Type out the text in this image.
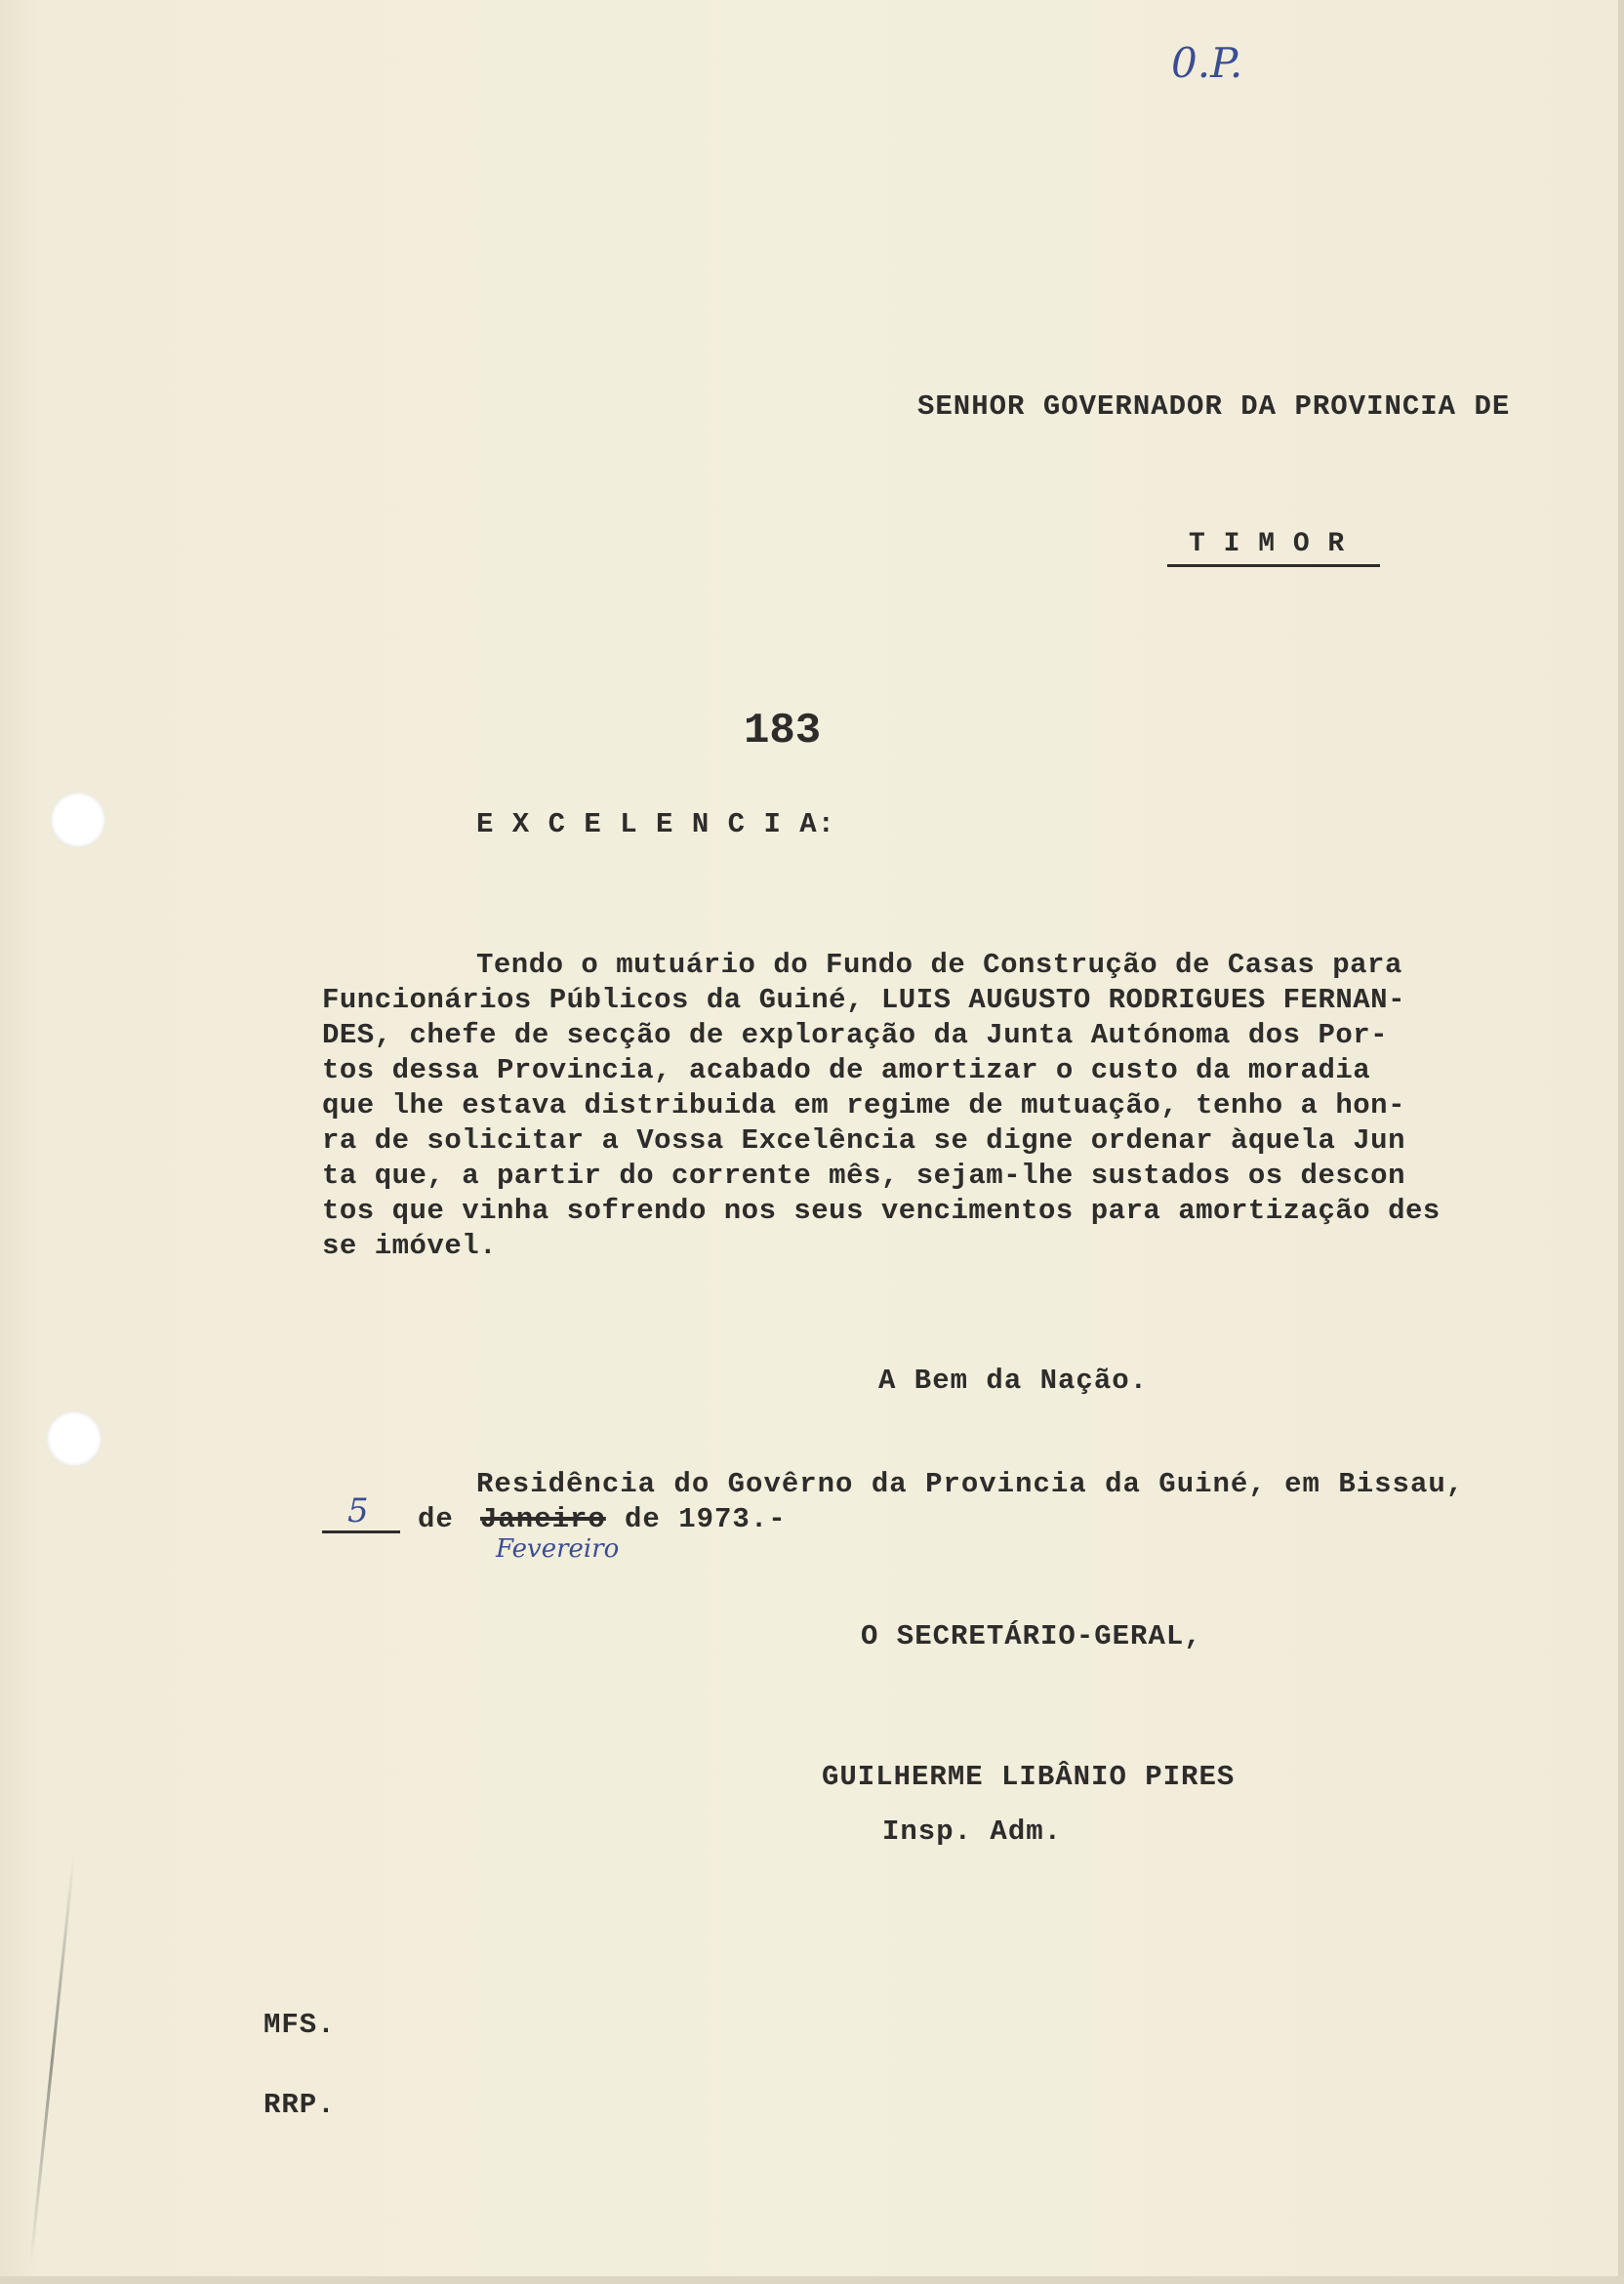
0.P.
SENHOR GOVERNADOR DA PROVINCIA DE
T I M O R
183
E X C E L E N C I A:
Tendo o mutuário do Fundo de Construção de Casas para
Funcionários Públicos da Guiné, LUIS AUGUSTO RODRIGUES FERNAN-
DES, chefe de secção de exploração da Junta Autónoma dos Por-
tos dessa Provincia, acabado de amortizar o custo da moradia
que lhe estava distribuida em regime de mutuação, tenho a hon-
ra de solicitar a Vossa Excelência se digne ordenar àquela Jun
ta que, a partir do corrente mês, sejam-lhe sustados os descon
tos que vinha sofrendo nos seus vencimentos para amortização des
se imóvel.
A Bem da Nação.
Residência do Govêrno da Provincia da Guiné, em Bissau,
5 de Janeiro de 1973.-
Fevereiro
O SECRETÁRIO-GERAL,
GUILHERME LIBÂNIO PIRES
Insp. Adm.
MFS.
RRP.
